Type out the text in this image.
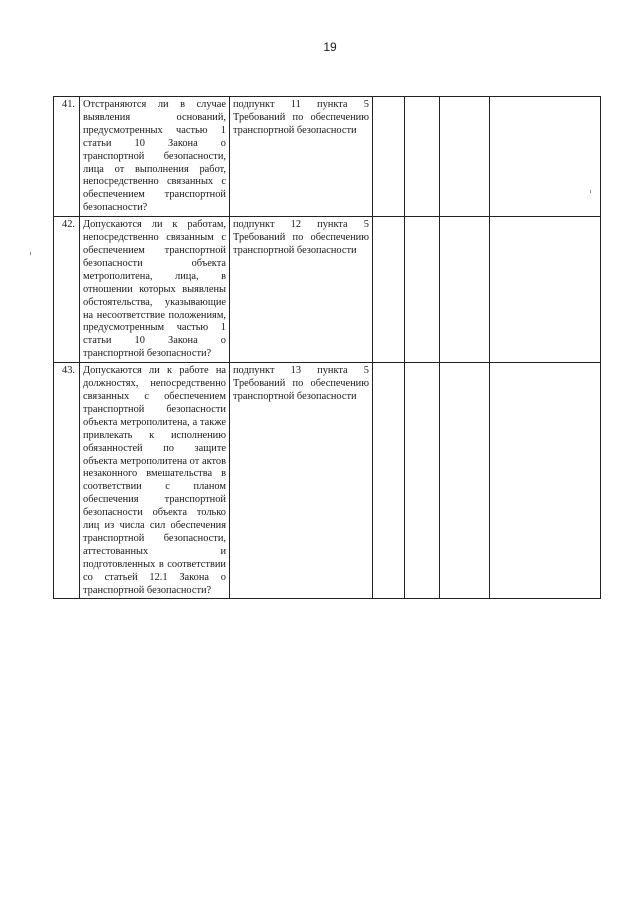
19
41.	Отстраняются ли в случае выявления оснований, предусмотренных частью 1 статьи 10 Закона о транспортной безопасности, лица от выполнения работ, непосредственно связанных с обеспечением транспортной безопасности?	подпункт 11 пункта 5 Требований по обеспечению транспортной безопасности				
42.	Допускаются ли к работам, непосредственно связанным с обеспечением транспортной безопасности объекта метрополитена, лица, в отношении которых выявлены обстоятельства, указывающие на несоответствие положениям, предусмотренным частью 1 статьи 10 Закона о транспортной безопасности?	подпункт 12 пункта 5 Требований по обеспечению транспортной безопасности				
43.	Допускаются ли к работе на должностях, непосредственно связанных с обеспечением транспортной безопасности объекта метрополитена, а также привлекать к исполнению обязанностей по защите объекта метрополитена от актов незаконного вмешательства в соответствии с планом обеспечения транспортной безопасности объекта только лиц из числа сил обеспечения транспортной безопасности, аттестованных и подготовленных в соответствии со статьей 12.1 Закона о транспортной безопасности?	подпункт 13 пункта 5 Требований по обеспечению транспортной безопасности				
